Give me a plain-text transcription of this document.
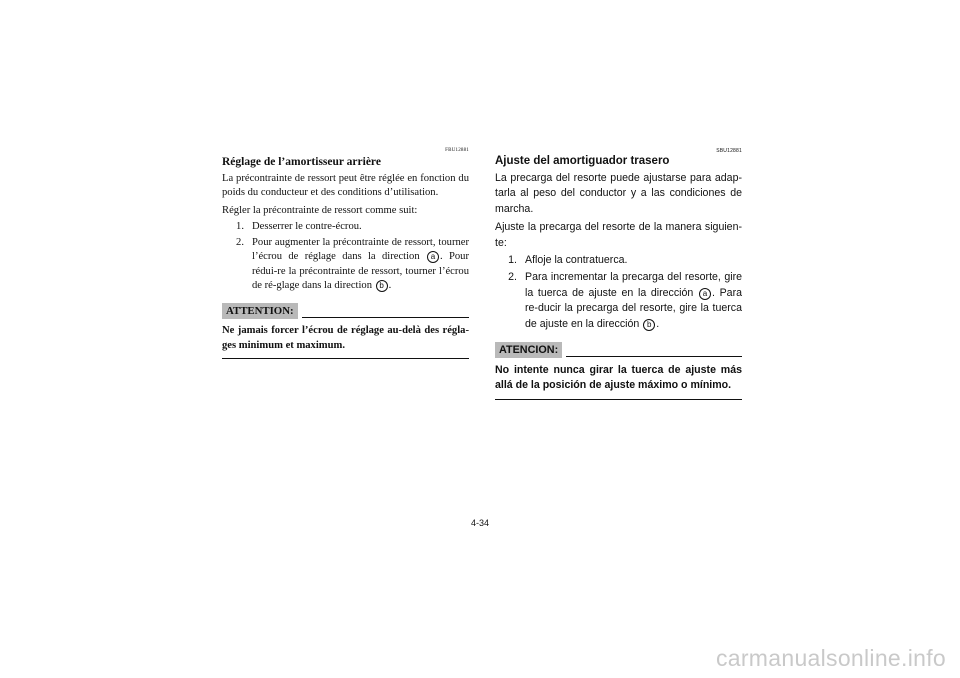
FBU12881
Réglage de l’amortisseur arrière

La précontrainte de ressort peut être réglée en fonction du poids du conducteur et des conditions d’utilisation.

Régler la précontrainte de ressort comme suit:

1. Desserrer le contre-écrou.
2. Pour augmenter la précontrainte de ressort, tourner l’écrou de réglage dans la direction a . Pour rédui-re la précontrainte de ressort, tourner l’écrou de ré-glage dans la direction b .
ATTENTION:
Ne jamais forcer l’écrou de réglage au-delà des régla-ges minimum et maximum.
SBU12881
Ajuste del amortiguador trasero

La precarga del resorte puede ajustarse para adap-tarla al peso del conductor y a las condiciones de marcha.

Ajuste la precarga del resorte de la manera siguien-te:

1. Afloje la contratuerca.
2. Para incrementar la precarga del resorte, gire la tuerca de ajuste en la dirección a . Para re-ducir la precarga del resorte, gire la tuerca de ajuste en la dirección b .
ATENCION:
No intente nunca girar la tuerca de ajuste más allá de la posición de ajuste máximo o mínimo.
4-34
carmanualsonline.info
